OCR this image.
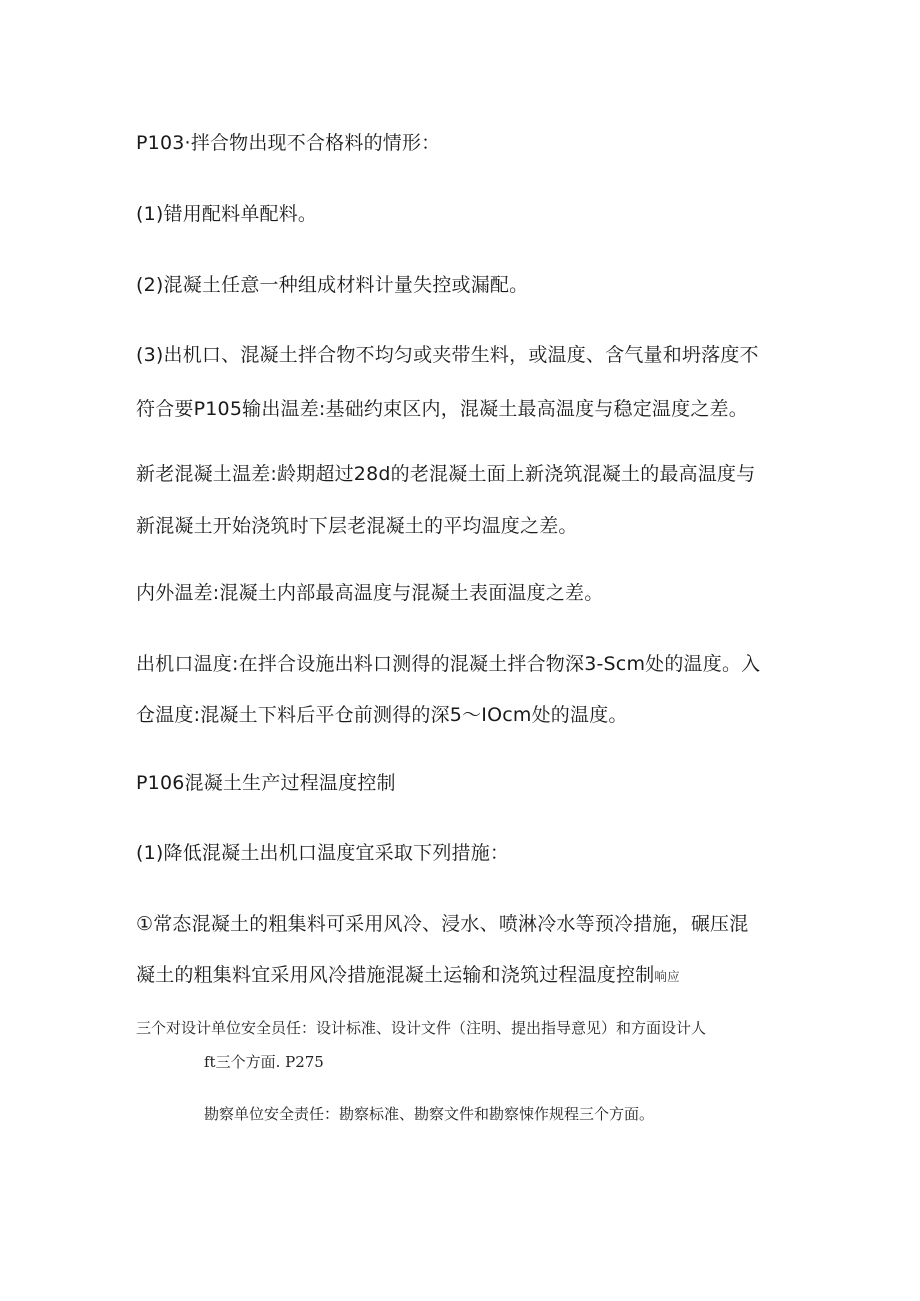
P103·拌合物出现不合格料的情形：

(1)错用配料单配料。

(2)混凝土任意一种组成材料计量失控或漏配。

(3)出机口、混凝土拌合物不均匀或夹带生料，或温度、含气量和坍落度不

符合要P105输出温差:基础约束区内，混凝土最高温度与稳定温度之差。

新老混凝土温差:龄期超过28d的老混凝土面上新浇筑混凝土的最高温度与

新混凝土开始浇筑时下层老混凝土的平均温度之差。

内外温差:混凝土内部最高温度与混凝土表面温度之差。

出机口温度:在拌合设施出料口测得的混凝土拌合物深3-Scm处的温度。入

仓温度:混凝土下料后平仓前测得的深5〜IOcm处的温度。

P106混凝土生产过程温度控制

(1)降低混凝土出机口温度宜采取下列措施：

①常态混凝土的粗集料可采用风冷、浸水、喷淋冷水等预冷措施，碾压混

凝土的粗集料宜采用风冷措施混凝土运输和浇筑过程温度控制响应

三个对设计单位安全员任：设计标准、设计文件（注明、提出指导意见）和方面设计人

ft三个方面. P275

勘察单位安全责任：勘察标准、勘察文件和勘察悚作规程三个方面。
